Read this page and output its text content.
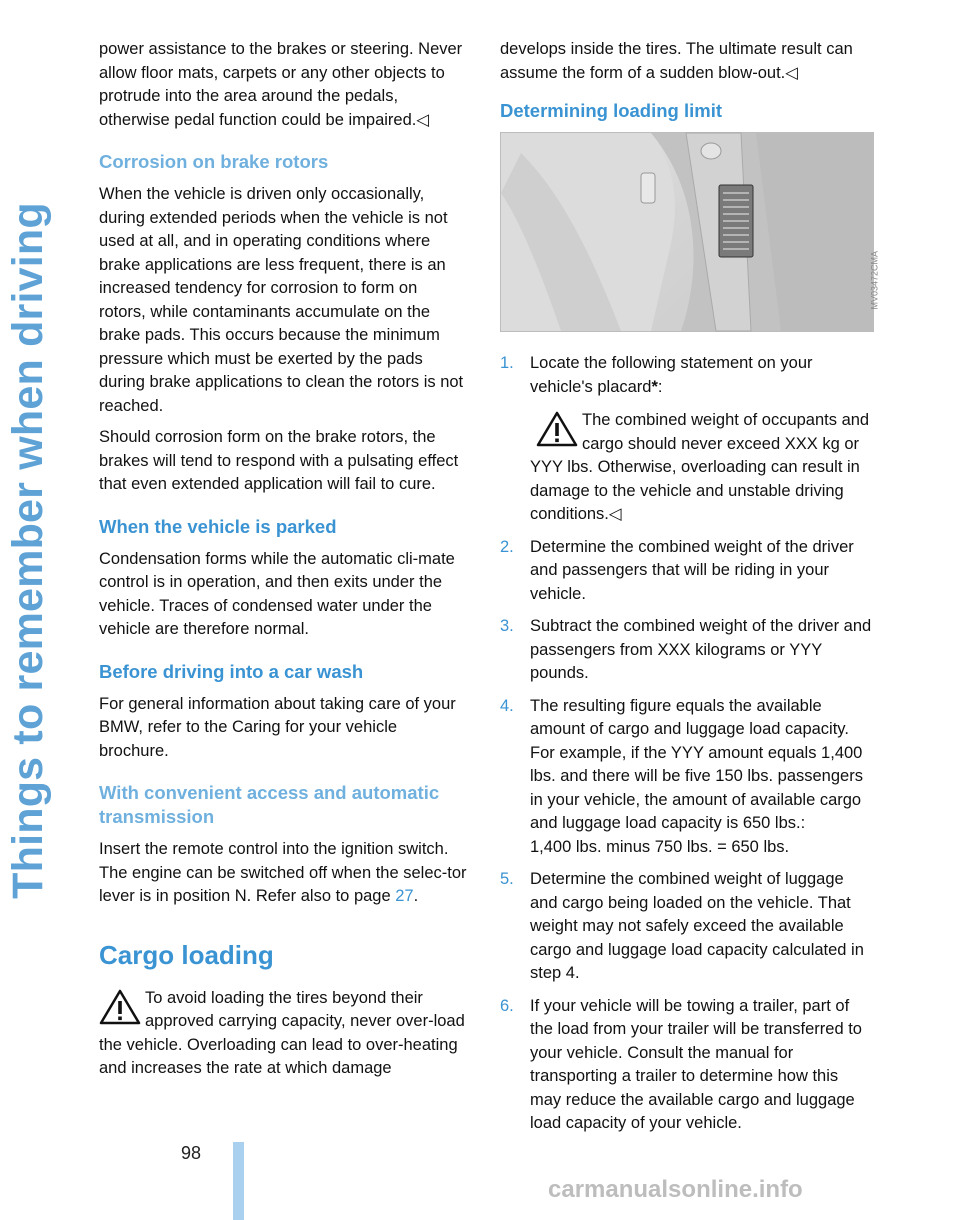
Things to remember when driving

power assistance to the brakes or steering. Never allow floor mats, carpets or any other objects to protrude into the area around the pedals, otherwise pedal function could be impaired.◁

Corrosion on brake rotors

When the vehicle is driven only occasionally, during extended periods when the vehicle is not used at all, and in operating conditions where brake applications are less frequent, there is an increased tendency for corrosion to form on rotors, while contaminants accumulate on the brake pads. This occurs because the minimum pressure which must be exerted by the pads during brake applications to clean the rotors is not reached.

Should corrosion form on the brake rotors, the brakes will tend to respond with a pulsating effect that even extended application will fail to cure.

When the vehicle is parked

Condensation forms while the automatic cli-mate control is in operation, and then exits under the vehicle. Traces of condensed water under the vehicle are therefore normal.

Before driving into a car wash

For general information about taking care of your BMW, refer to the Caring for your vehicle brochure.

With convenient access and automatic transmission

Insert the remote control into the ignition switch.

The engine can be switched off when the selec-tor lever is in position N. Refer also to page 27.

Cargo loading

To avoid loading the tires beyond their approved carrying capacity, never over-load the vehicle. Overloading can lead to over-heating and increases the rate at which damage

develops inside the tires. The ultimate result can assume the form of a sudden blow-out.◁

Determining loading limit
MV03472CMA
1. Locate the following statement on your vehicle's placard*:
The combined weight of occupants and cargo should never exceed XXX kg or YYY lbs. Otherwise, overloading can result in damage to the vehicle and unstable driving conditions.◁
2. Determine the combined weight of the driver and passengers that will be riding in your vehicle.
3. Subtract the combined weight of the driver and passengers from XXX kilograms or YYY pounds.
4. The resulting figure equals the available amount of cargo and luggage load capacity. For example, if the YYY amount equals 1,400 lbs. and there will be five 150 lbs. passengers in your vehicle, the amount of available cargo and luggage load capacity is 650 lbs.:
1,400 lbs. minus 750 lbs. = 650 lbs.
5. Determine the combined weight of luggage and cargo being loaded on the vehicle. That weight may not safely exceed the available cargo and luggage load capacity calculated in step 4.
6. If your vehicle will be towing a trailer, part of the load from your trailer will be transferred to your vehicle. Consult the manual for transporting a trailer to determine how this may reduce the available cargo and luggage load capacity of your vehicle.
98
carmanualsonline.info
